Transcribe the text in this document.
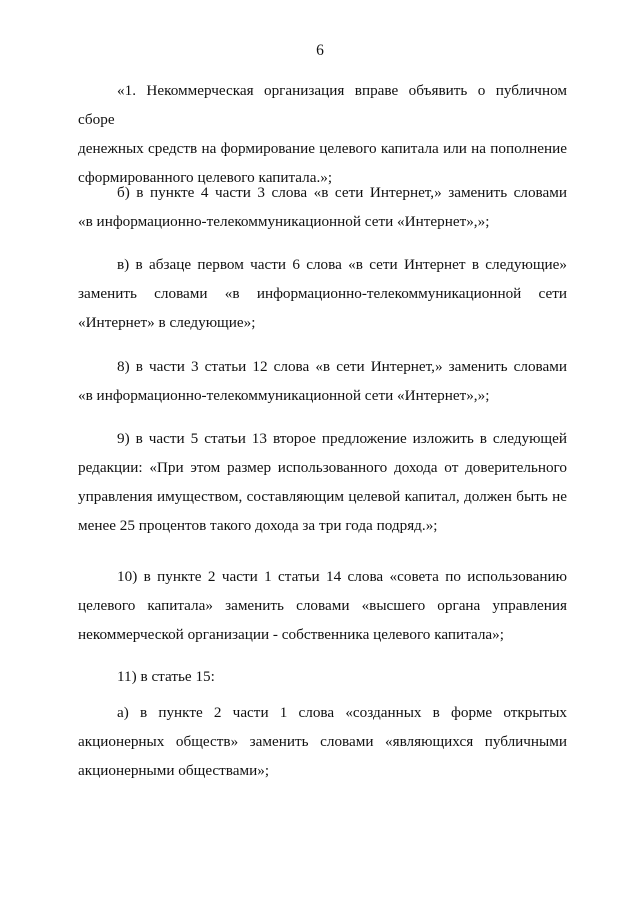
6
«1. Некоммерческая организация вправе объявить о публичном сборе
денежных средств на формирование целевого капитала или на пополнение
сформированного целевого капитала.»;
б) в пункте 4 части 3 слова «в сети Интернет,» заменить словами
«в информационно-телекоммуникационной сети «Интернет»,»;
в) в абзаце первом части 6 слова «в сети Интернет в следующие»
заменить словами «в информационно-телекоммуникационной сети
«Интернет» в следующие»;
8) в части 3 статьи 12 слова «в сети Интернет,» заменить словами
«в информационно-телекоммуникационной сети «Интернет»,»;
9) в части 5 статьи 13 второе предложение изложить в следующей
редакции: «При этом размер использованного дохода от доверительного
управления имуществом, составляющим целевой капитал, должен быть не
менее 25 процентов такого дохода за три года подряд.»;
10) в пункте 2 части 1 статьи 14 слова «совета по использованию
целевого капитала» заменить словами «высшего органа управления
некоммерческой организации - собственника целевого капитала»;
11) в статье 15:
а) в пункте 2 части 1 слова «созданных в форме открытых
акционерных обществ» заменить словами «являющихся публичными
акционерными обществами»;
